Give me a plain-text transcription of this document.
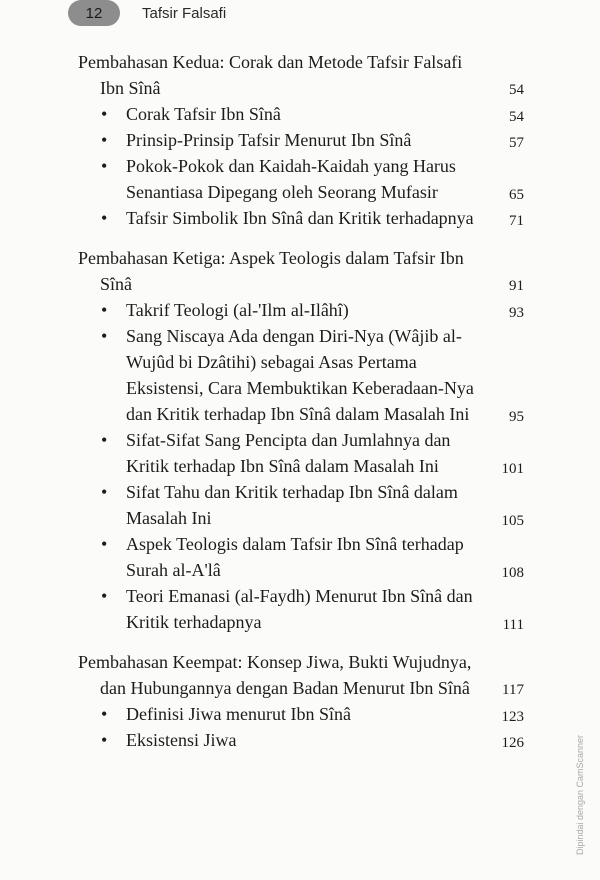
12	Tafsir Falsafi
Pembahasan Kedua: Corak dan Metode Tafsir Falsafi Ibn Sînâ	54
•	Corak Tafsir Ibn Sînâ	54
•	Prinsip-Prinsip Tafsir Menurut Ibn Sînâ	57
•	Pokok-Pokok dan Kaidah-Kaidah yang Harus Senantiasa Dipegang oleh Seorang Mufasir	65
•	Tafsir Simbolik Ibn Sînâ dan Kritik terhadapnya	71
Pembahasan Ketiga: Aspek Teologis dalam Tafsir Ibn Sînâ	91
•	Takrif Teologi (al-'Ilm al-Ilâhî)	93
•	Sang Niscaya Ada dengan Diri-Nya (Wâjib al-Wujûd bi Dzâtihi) sebagai Asas Pertama Eksistensi, Cara Membuktikan Keberadaan-Nya dan Kritik terhadap Ibn Sînâ dalam Masalah Ini	95
•	Sifat-Sifat Sang Pencipta dan Jumlahnya dan Kritik terhadap Ibn Sînâ dalam Masalah Ini	101
•	Sifat Tahu dan Kritik terhadap Ibn Sînâ dalam Masalah Ini	105
•	Aspek Teologis dalam Tafsir Ibn Sînâ terhadap Surah al-A'lâ	108
•	Teori Emanasi (al-Faydh) Menurut Ibn Sînâ dan Kritik terhadapnya	111
Pembahasan Keempat: Konsep Jiwa, Bukti Wujudnya, dan Hubungannya dengan Badan Menurut Ibn Sînâ	117
•	Definisi Jiwa menurut Ibn Sînâ	123
•	Eksistensi Jiwa	126	Dipindai dengan CamScanner
